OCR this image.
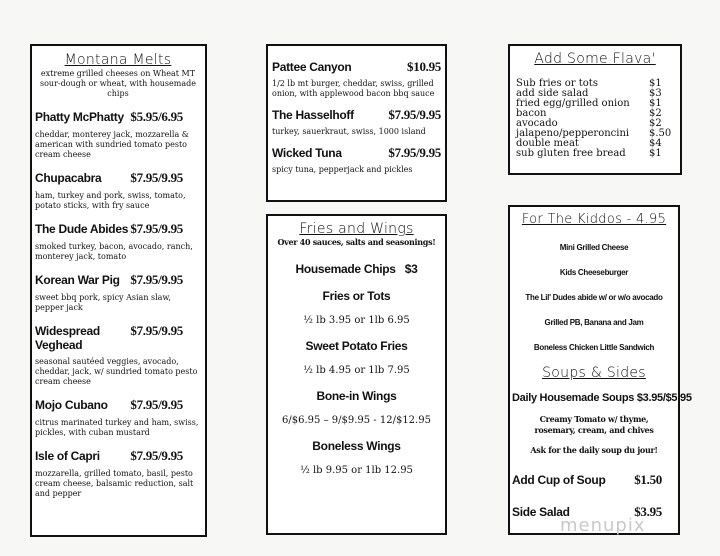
Montana Melts
extreme grilled cheeses on Wheat MT sour-dough or wheat, with housemade chips
Phatty McPhatty $5.95/6.95
cheddar, monterey jack, mozzarella & american with sundried tomato pesto cream cheese
Chupacabra $7.95/9.95
ham, turkey and pork, swiss, tomato, potato sticks, with fry sauce
The Dude Abides $7.95/9.95
smoked turkey, bacon, avocado, ranch, monterey jack, tomato
Korean War Pig $7.95/9.95
sweet bbq pork, spicy Asian slaw, pepper jack
Widespread Veghead
$7.95/9.95
seasonal sautéed veggies, avocado, cheddar, jack, w/ sundried tomato pesto cream cheese
Mojo Cubano $7.95/9.95
citrus marinated turkey and ham, swiss, pickles, with cuban mustard
Isle of Capri $7.95/9.95
mozzarella, grilled tomato, basil, pesto cream cheese, balsamic reduction, salt and pepper
Pattee Canyon	$10.95
1/2 lb mt burger, cheddar, swiss, grilled onion, with applewood bacon bbq sauce
The Hasselhoff	$7.95/9.95
turkey, sauerkraut, swiss, 1000 island
Wicked Tuna	$7.95/9.95
spicy tuna, pepperjack and pickles
Fries and Wings
Over 40 sauces, salts and seasonings!
Housemade Chips $3
Fries or Tots
½ lb 3.95 or 1lb 6.95
Sweet Potato Fries
½ lb 4.95 or 1lb 7.95
Bone-in Wings
6/$6.95 – 9/$9.95 - 12/$12.95
Boneless Wings
½ lb 9.95 or 1lb 12.95
Add Some Flava'
Sub fries or tots	$1
add side salad	$3
fried egg/grilled onion	$1
bacon	$2
avocado	$2
jalapeno/pepperoncini	$.50
double meat	$4
sub gluten free bread	$1
For The Kiddos - 4.95
Mini Grilled Cheese
Kids Cheeseburger
The Lil' Dudes abide w/ or w/o avocado
Grilled PB, Banana and Jam
Boneless Chicken Little Sandwich
Soups & Sides
Daily Housemade Soups $3.95/$5.95
Creamy Tomato w/ thyme, rosemary, cream, and chives
Ask for the daily soup du jour!
Add Cup of Soup $1.50
Side Salad	$3.95
menupix
